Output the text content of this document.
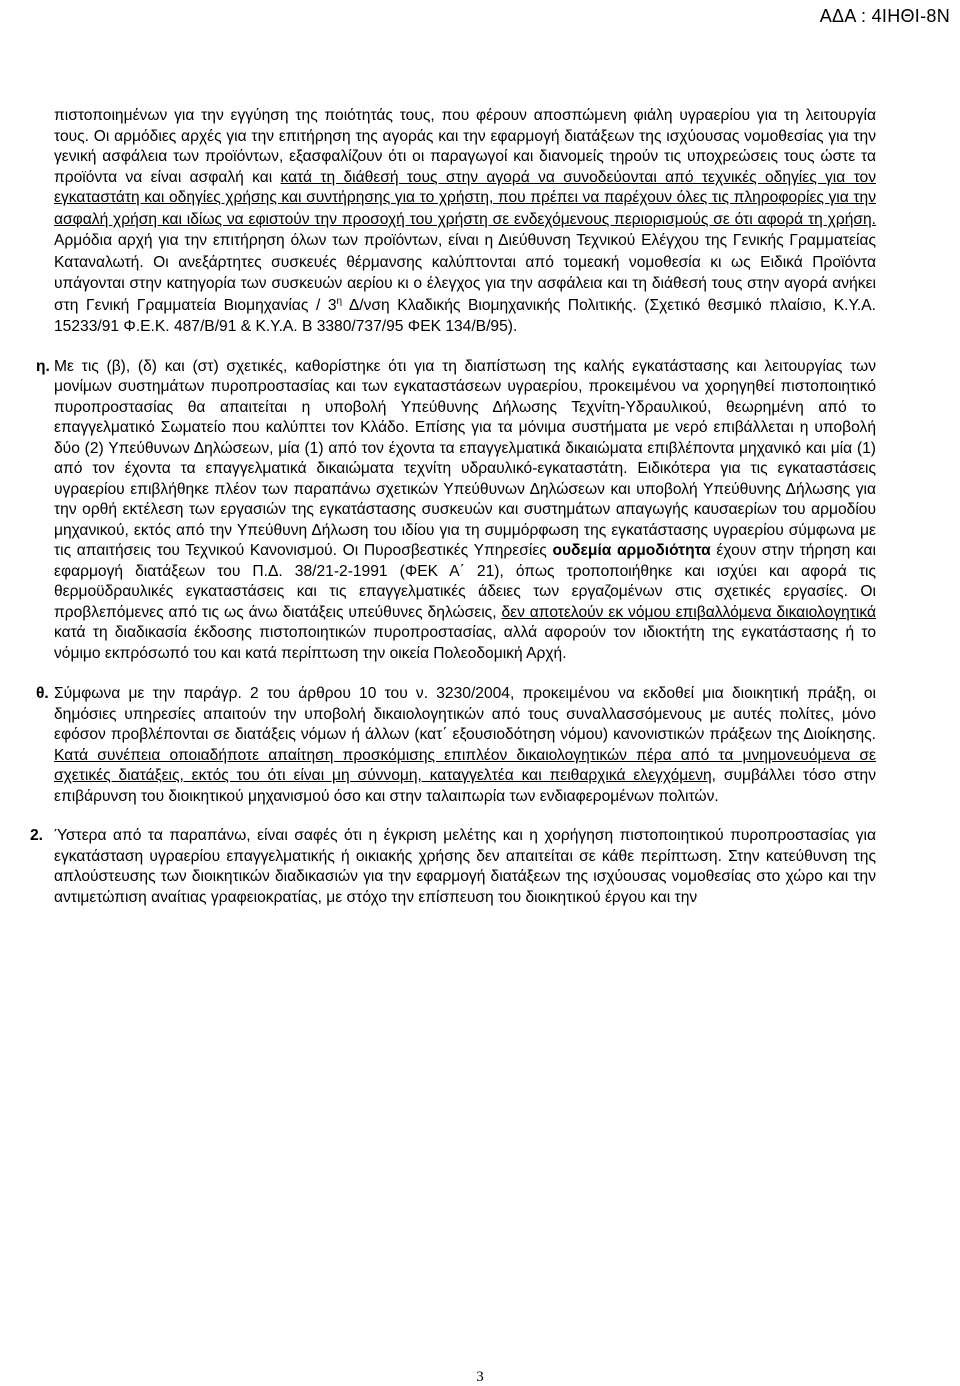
ΑΔΑ : 4ΙΗΘΙ-8Ν

πιστοποιημένων για την εγγύηση της ποιότητάς τους, που φέρουν αποσπώμενη φιάλη υγραερίου για τη λειτουργία τους. Οι αρμόδιες αρχές για την επιτήρηση της αγοράς και την εφαρμογή διατάξεων της ισχύουσας νομοθεσίας για την γενική ασφάλεια των προϊόντων, εξασφαλίζουν ότι οι παραγωγοί και διανομείς τηρούν τις υποχρεώσεις τους ώστε τα προϊόντα να είναι ασφαλή και κατά τη διάθεσή τους στην αγορά να συνοδεύονται από τεχνικές οδηγίες για τον εγκαταστάτη και οδηγίες χρήσης και συντήρησης για το χρήστη, που πρέπει να παρέχουν όλες τις πληροφορίες για την ασφαλή χρήση και ιδίως να εφιστούν την προσοχή του χρήστη σε ενδεχόμενους περιορισμούς σε ότι αφορά τη χρήση. Αρμόδια αρχή για την επιτήρηση όλων των προϊόντων, είναι η Διεύθυνση Τεχνικού Ελέγχου της Γενικής Γραμματείας Καταναλωτή. Οι ανεξάρτητες συσκευές θέρμανσης καλύπτονται από τομεακή νομοθεσία κι ως Ειδικά Προϊόντα υπάγονται στην κατηγορία των συσκευών αερίου κι ο έλεγχος για την ασφάλεια και τη διάθεσή τους στην αγορά ανήκει στη Γενική Γραμματεία Βιομηχανίας / $3^\eta$ Δ/νση Κλαδικής Βιομηχανικής Πολιτικής. (Σχετικό θεσμικό πλαίσιο, Κ.Υ.Α. 15233/91 Φ.Ε.Κ. 487/Β/91 & Κ.Υ.Α. Β 3380/737/95 ΦΕΚ 134/Β/95).

η. Με τις (β), (δ) και (στ) σχετικές, καθορίστηκε ότι για τη διαπίστωση της καλής εγκατάστασης και λειτουργίας των μονίμων συστημάτων πυροπροστασίας και των εγκαταστάσεων υγραερίου, προκειμένου να χορηγηθεί πιστοποιητικό πυροπροστασίας θα απαιτείται η υποβολή Υπεύθυνης Δήλωσης Τεχνίτη-Υδραυλικού, θεωρημένη από το επαγγελματικό Σωματείο που καλύπτει τον Κλάδο. Επίσης για τα μόνιμα συστήματα με νερό επιβάλλεται η υποβολή δύο (2) Υπεύθυνων Δηλώσεων, μία (1) από τον έχοντα τα επαγγελματικά δικαιώματα επιβλέποντα μηχανικό και μία (1) από τον έχοντα τα επαγγελματικά δικαιώματα τεχνίτη υδραυλικό-εγκαταστάτη. Ειδικότερα για τις εγκαταστάσεις υγραερίου επιβλήθηκε πλέον των παραπάνω σχετικών Υπεύθυνων Δηλώσεων και υποβολή Υπεύθυνης Δήλωσης για την ορθή εκτέλεση των εργασιών της εγκατάστασης συσκευών και συστημάτων απαγωγής καυσαερίων του αρμοδίου μηχανικού, εκτός από την Υπεύθυνη Δήλωση του ιδίου για τη συμμόρφωση της εγκατάστασης υγραερίου σύμφωνα με τις απαιτήσεις του Τεχνικού Κανονισμού. Οι Πυροσβεστικές Υπηρεσίες ουδεμία αρμοδιότητα έχουν στην τήρηση και εφαρμογή διατάξεων του Π.Δ. 38/21-2-1991 (ΦΕΚ Α΄ 21), όπως τροποποιήθηκε και ισχύει και αφορά τις θερμοϋδραυλικές εγκαταστάσεις και τις επαγγελματικές άδειες των εργαζομένων στις σχετικές εργασίες. Οι προβλεπόμενες από τις ως άνω διατάξεις υπεύθυνες δηλώσεις, δεν αποτελούν εκ νόμου επιβαλλόμενα δικαιολογητικά κατά τη διαδικασία έκδοσης πιστοποιητικών πυροπροστασίας, αλλά αφορούν τον ιδιοκτήτη της εγκατάστασης ή το νόμιμο εκπρόσωπό του και κατά περίπτωση την οικεία Πολεοδομική Αρχή.

θ. Σύμφωνα με την παράγρ. 2 του άρθρου 10 του ν. 3230/2004, προκειμένου να εκδοθεί μια διοικητική πράξη, οι δημόσιες υπηρεσίες απαιτούν την υποβολή δικαιολογητικών από τους συναλλασσόμενους με αυτές πολίτες, μόνο εφόσον προβλέπονται σε διατάξεις νόμων ή άλλων (κατ΄ εξουσιοδότηση νόμου) κανονιστικών πράξεων της Διοίκησης. Κατά συνέπεια οποιαδήποτε απαίτηση προσκόμισης επιπλέον δικαιολογητικών πέρα από τα μνημονευόμενα σε σχετικές διατάξεις, εκτός του ότι είναι μη σύννομη, καταγγελτέα και πειθαρχικά ελεγχόμενη, συμβάλλει τόσο στην επιβάρυνση του διοικητικού μηχανισμού όσο και στην ταλαιπωρία των ενδιαφερομένων πολιτών.

2. Ύστερα από τα παραπάνω, είναι σαφές ότι η έγκριση μελέτης και η χορήγηση πιστοποιητικού πυροπροστασίας για εγκατάσταση υγραερίου επαγγελματικής ή οικιακής χρήσης δεν απαιτείται σε κάθε περίπτωση. Στην κατεύθυνση της απλούστευσης των διοικητικών διαδικασιών για την εφαρμογή διατάξεων της ισχύουσας νομοθεσίας στο χώρο και την αντιμετώπιση αναίτιας γραφειοκρατίας, με στόχο την επίσπευση του διοικητικού έργου και την

3
